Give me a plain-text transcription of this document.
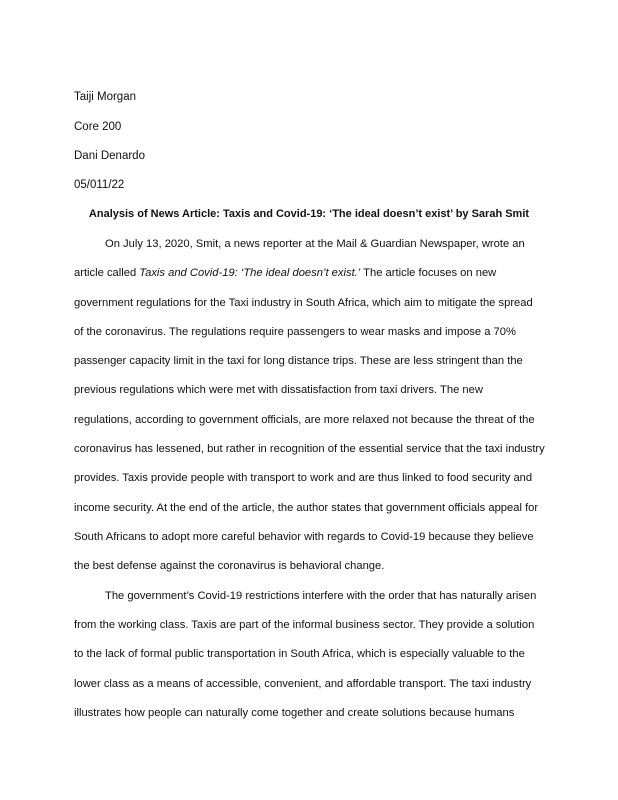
Taiji Morgan
Core 200
Dani Denardo
05/011/22
Analysis of News Article: Taxis and Covid-19: ‘The ideal doesn’t exist’ by Sarah Smit
On July 13, 2020, Smit, a news reporter at the Mail & Guardian Newspaper, wrote an
article called Taxis and Covid-19: ‘The ideal doesn’t exist.’ The article focuses on new
government regulations for the Taxi industry in South Africa, which aim to mitigate the spread
of the coronavirus. The regulations require passengers to wear masks and impose a 70%
passenger capacity limit in the taxi for long distance trips. These are less stringent than the
previous regulations which were met with dissatisfaction from taxi drivers. The new
regulations, according to government officials, are more relaxed not because the threat of the
coronavirus has lessened, but rather in recognition of the essential service that the taxi industry
provides. Taxis provide people with transport to work and are thus linked to food security and
income security. At the end of the article, the author states that government officials appeal for
South Africans to adopt more careful behavior with regards to Covid-19 because they believe
the best defense against the coronavirus is behavioral change.
The government’s Covid-19 restrictions interfere with the order that has naturally arisen
from the working class. Taxis are part of the informal business sector. They provide a solution
to the lack of formal public transportation in South Africa, which is especially valuable to the
lower class as a means of accessible, convenient, and affordable transport. The taxi industry
illustrates how people can naturally come together and create solutions because humans
